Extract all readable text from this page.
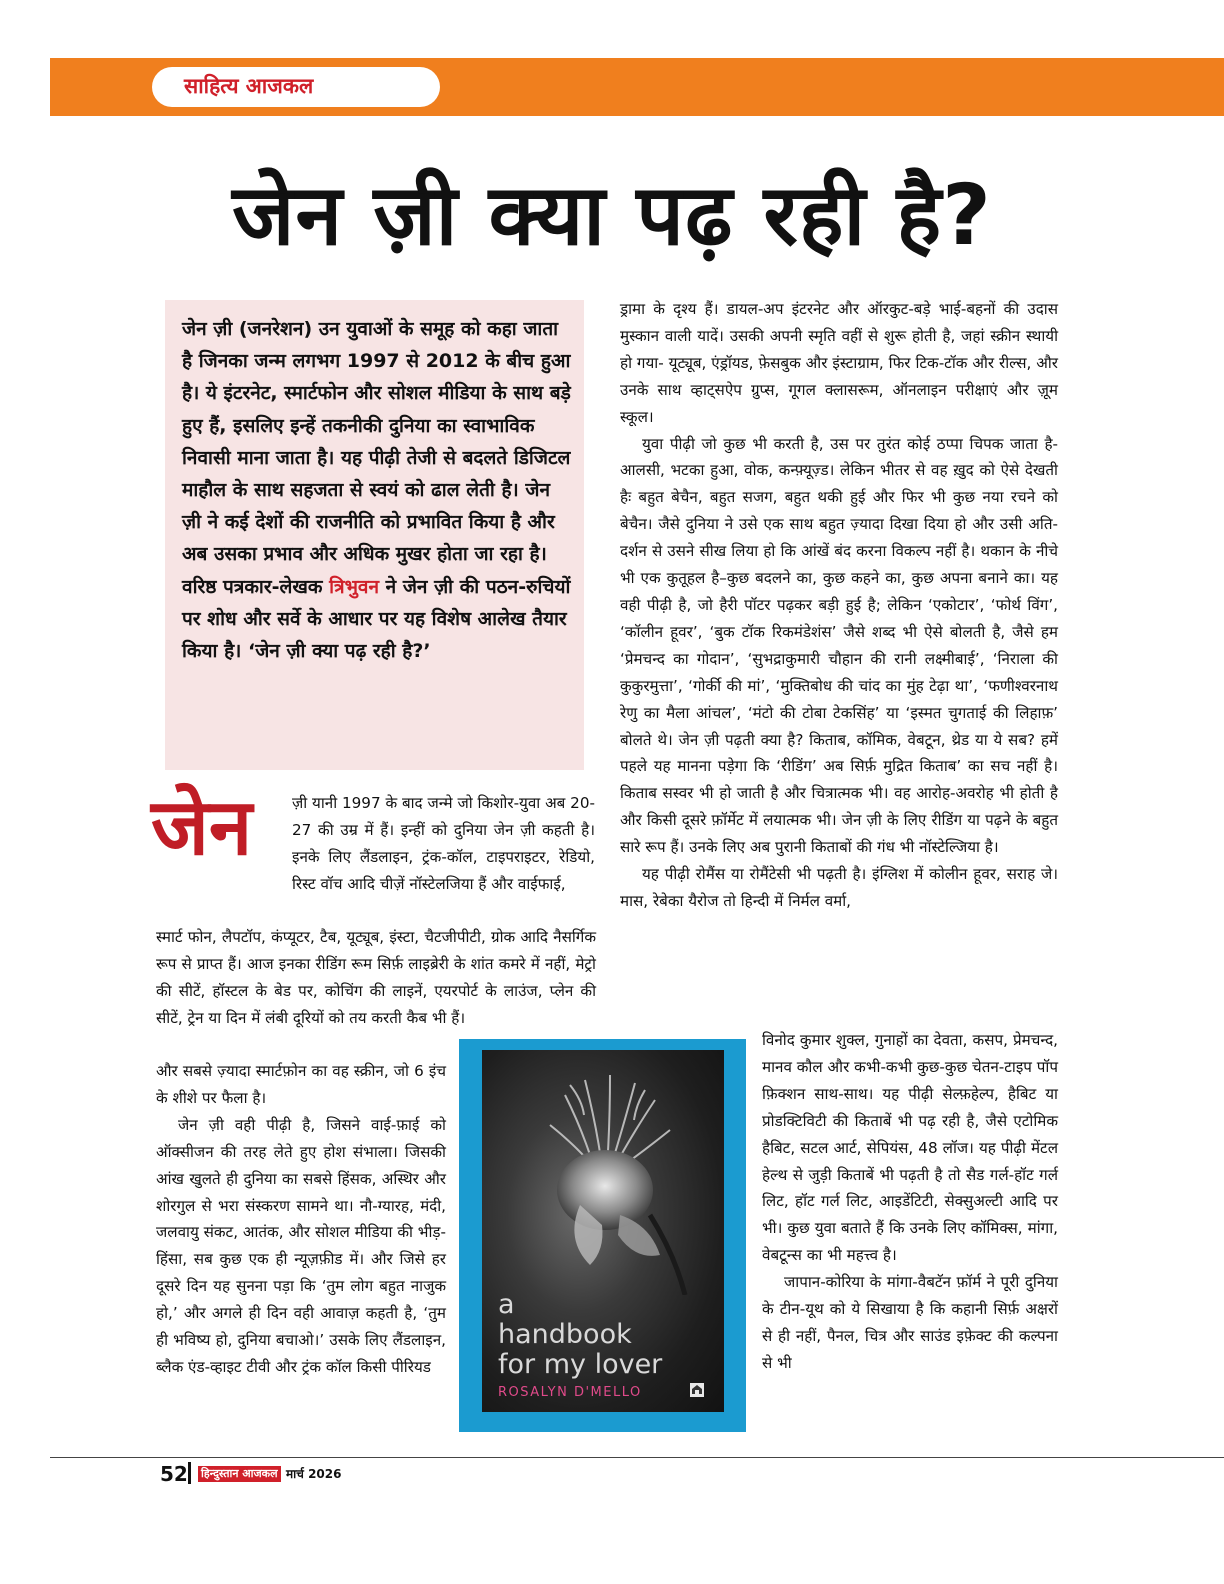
साहित्य आजकल
जेन ज़ी क्या पढ़ रही है?
जेन ज़ी (जनरेशन) उन युवाओं के समूह को कहा जाता है जिनका जन्म लगभग 1997 से 2012 के बीच हुआ है। ये इंटरनेट, स्मार्टफोन और सोशल मीडिया के साथ बड़े हुए हैं, इसलिए इन्हें तकनीकी दुनिया का स्वाभाविक निवासी माना जाता है। यह पीढ़ी तेजी से बदलते डिजिटल माहौल के साथ सहजता से स्वयं को ढाल लेती है। जेन ज़ी ने कई देशों की राजनीति को प्रभावित किया है और अब उसका प्रभाव और अधिक मुखर होता जा रहा है। वरिष्ठ पत्रकार-लेखक त्रिभुवन ने जेन ज़ी की पठन-रुचियों पर शोध और सर्वे के आधार पर यह विशेष आलेख तैयार किया है। ‘जेन ज़ी क्या पढ़ रही है?’
जेन	ज़ी यानी 1997 के बाद जन्मे जो किशोर-युवा अब 20-27 की उम्र में हैं। इन्हीं को दुनिया जेन ज़ी कहती है। इनके लिए लैंडलाइन, ट्रंक-कॉल, टाइपराइटर, रेडियो, रिस्ट वॉच आदि चीज़ें नॉस्टेलजिया हैं और वाईफाई,

स्मार्ट फोन, लैपटॉप, कंप्यूटर, टैब, यूट्यूब, इंस्टा, चैटजीपीटी, ग्रोक आदि नैसर्गिक रूप से प्राप्त हैं। आज इनका रीडिंग रूम सिर्फ़ लाइब्रेरी के शांत कमरे में नहीं, मेट्रो की सीटें, हॉस्टल के बेड पर, कोचिंग की लाइनें, एयरपोर्ट के लाउंज, प्लेन की सीटें, ट्रेन या दिन में लंबी दूरियों को तय करती कैब भी हैं।

और सबसे ज़्यादा स्मार्टफ़ोन का वह स्क्रीन, जो 6 इंच के शीशे पर फैला है।

जेन ज़ी वही पीढ़ी है, जिसने वाई-फ़ाई को ऑक्सीजन की तरह लेते हुए होश संभाला। जिसकी आंख खुलते ही दुनिया का सबसे हिंसक, अस्थिर और शोरगुल से भरा संस्करण सामने था। नौ-ग्यारह, मंदी, जलवायु संकट, आतंक, और सोशल मीडिया की भीड़-हिंसा, सब कुछ एक ही न्यूज़फ़ीड में। और जिसे हर दूसरे दिन यह सुनना पड़ा कि ‘तुम लोग बहुत नाजुक हो,’ और अगले ही दिन वही आवाज़ कहती है, ‘तुम ही भविष्य हो, दुनिया बचाओ।’ उसके लिए लैंडलाइन, ब्लैक एंड-व्हाइट टीवी और ट्रंक कॉल किसी पीरियड

ड्रामा के दृश्य हैं। डायल-अप इंटरनेट और ऑरकुट-बड़े भाई-बहनों की उदास मुस्कान वाली यादें। उसकी अपनी स्मृति वहीं से शुरू होती है, जहां स्क्रीन स्थायी हो गया- यूट्यूब, एंड्रॉयड, फ़ेसबुक और इंस्टाग्राम, फिर टिक-टॉक और रील्स, और उनके साथ व्हाट्सऐप ग्रुप्स, गूगल क्लासरूम, ऑनलाइन परीक्षाएं और ज़ूम स्कूल।

युवा पीढ़ी जो कुछ भी करती है, उस पर तुरंत कोई ठप्पा चिपक जाता है- आलसी, भटका हुआ, वोक, कन्फ़्यूज़्ड। लेकिन भीतर से वह ख़ुद को ऐसे देखती हैः बहुत बेचैन, बहुत सजग, बहुत थकी हुई और फिर भी कुछ नया रचने को बेचैन। जैसे दुनिया ने उसे एक साथ बहुत ज़्यादा दिखा दिया हो और उसी अति-दर्शन से उसने सीख लिया हो कि आंखें बंद करना विकल्प नहीं है। थकान के नीचे भी एक कुतूहल है–कुछ बदलने का, कुछ कहने का, कुछ अपना बनाने का। यह वही पीढ़ी है, जो हैरी पॉटर पढ़कर बड़ी हुई है; लेकिन ‘एकोटार’, ‘फोर्थ विंग’, ‘कॉलीन हूवर’, ‘बुक टॉक रिकमंडेशंस’ जैसे शब्द भी ऐसे बोलती है, जैसे हम ‘प्रेमचन्द का गोदान’, ‘सुभद्राकुमारी चौहान की रानी लक्ष्मीबाई’, ‘निराला की कुकुरमुत्ता’, ‘गोर्की की मां’, ‘मुक्तिबोध की चांद का मुंह टेढ़ा था’, ‘फणीश्वरनाथ रेणु का मैला आंचल’, ‘मंटो की टोबा टेकसिंह’ या ‘इस्मत चुगताई की लिहाफ़’ बोलते थे। जेन ज़ी पढ़ती क्या है? किताब, कॉमिक, वेबटून, थ्रेड या ये सब? हमें पहले यह मानना पड़ेगा कि ‘रीडिंग’ अब सिर्फ़ मुद्रित किताब’ का सच नहीं है। किताब सस्वर भी हो जाती है और चित्रात्मक भी। वह आरोह-अवरोह भी होती है और किसी दूसरे फ़ॉर्मेट में लयात्मक भी। जेन ज़ी के लिए रीडिंग या पढ़ने के बहुत सारे रूप हैं। उनके लिए अब पुरानी किताबों की गंध भी नॉस्टेल्जिया है।

यह पीढ़ी रोमैंस या रोमैंटेसी भी पढ़ती है। इंग्लिश में कोलीन हूवर, सराह जे। मास, रेबेका यैरोज तो हिन्दी में निर्मल वर्मा,

विनोद कुमार शुक्ल, गुनाहों का देवता, कसप, प्रेमचन्द, मानव कौल और कभी-कभी कुछ-कुछ चेतन-टाइप पॉप फ़िक्शन साथ-साथ। यह पीढ़ी सेल्फ़हेल्प, हैबिट या प्रोडक्टिविटी की किताबें भी पढ़ रही है, जैसे एटोमिक हैबिट, सटल आर्ट, सेपियंस, 48 लॉज। यह पीढ़ी मेंटल हेल्थ से जुड़ी किताबें भी पढ़ती है तो सैड गर्ल-हॉट गर्ल लिट, हॉट गर्ल लिट, आइडेंटिटी, सेक्सुअल्टी आदि पर भी। कुछ युवा बताते हैं कि उनके लिए कॉमिक्स, मांगा, वेबटून्स का भी महत्त्व है।

जापान-कोरिया के मांगा-वैबटॅन फ़ॉर्म ने पूरी दुनिया के टीन-यूथ को ये सिखाया है कि कहानी सिर्फ़ अक्षरों से ही नहीं, पैनल, चित्र और साउंड इफ़ेक्ट की कल्पना से भी

a
handbook
for my lover
ROSALYN D'MELLO
52 हिन्दुस्तान आजकल मार्च 2026
